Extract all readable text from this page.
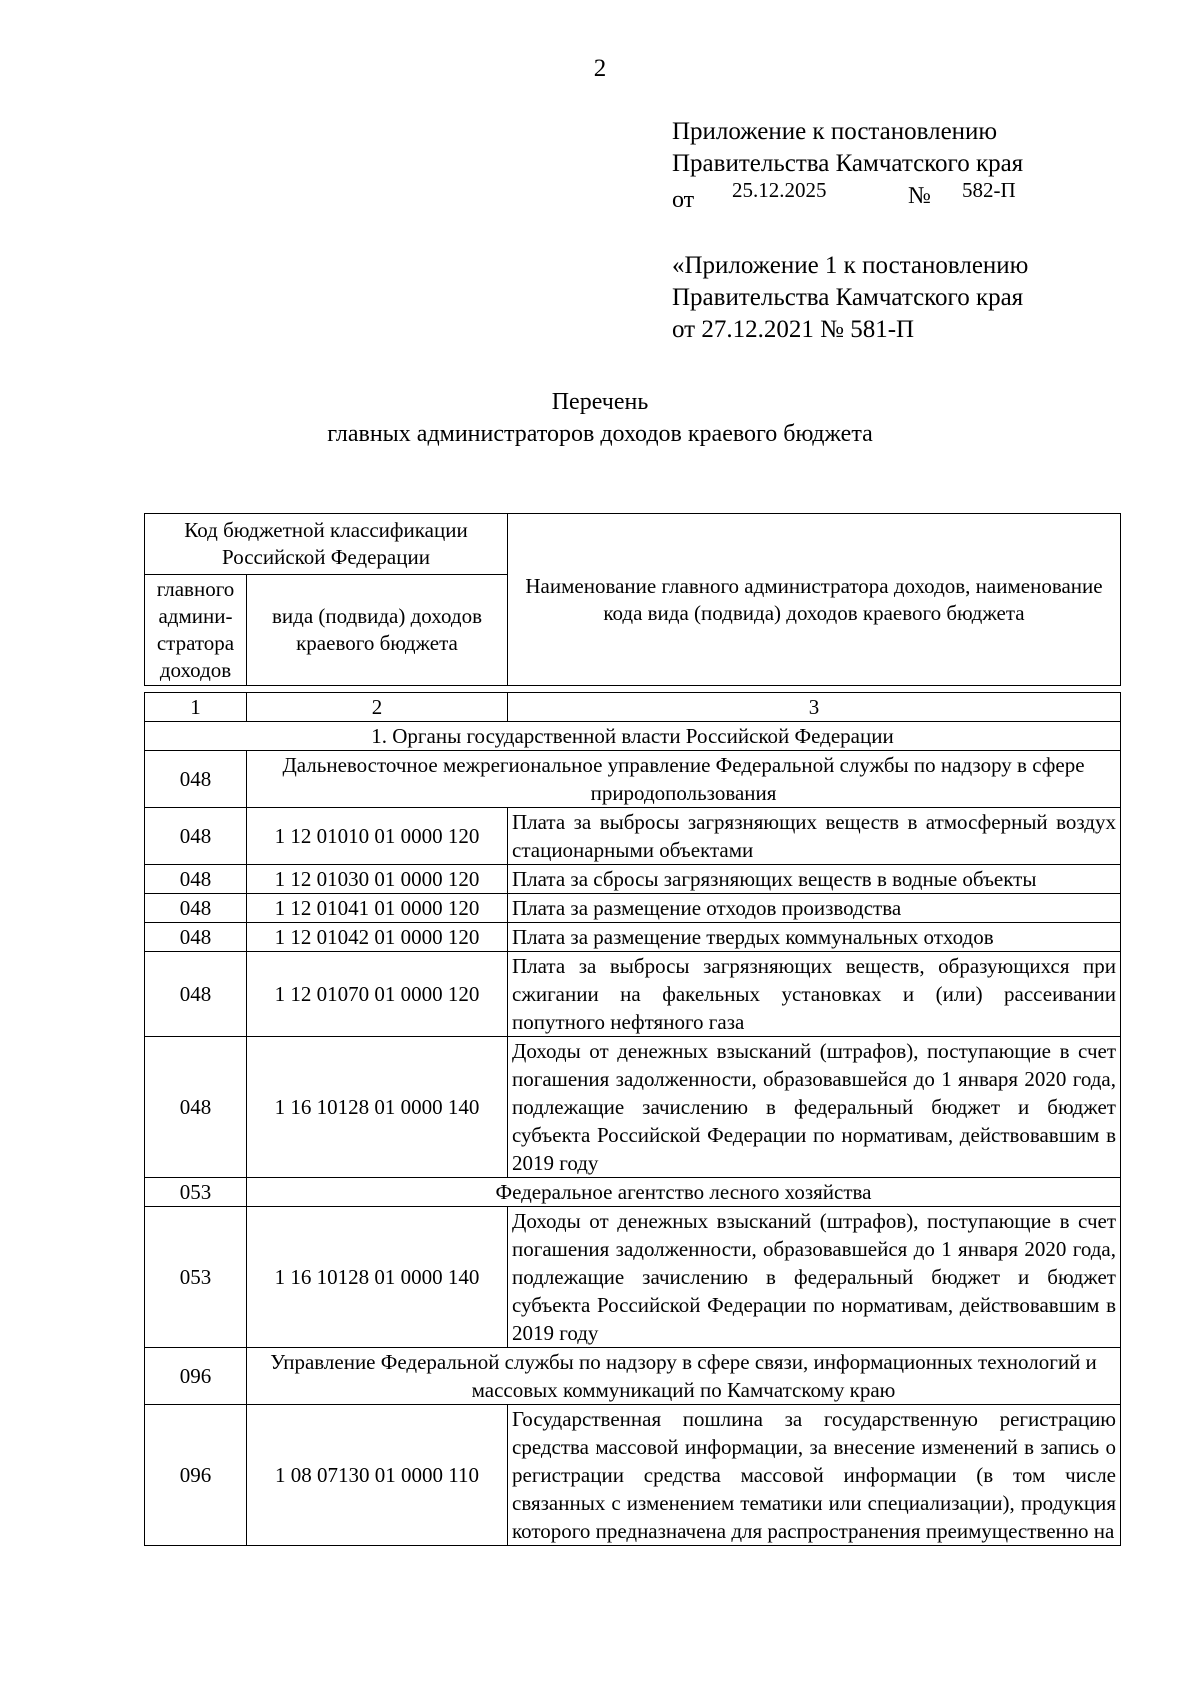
2
Приложение к постановлению
Правительства Камчатского края
от 25.12.2025	№ 582-П
«Приложение 1 к постановлению
Правительства Камчатского края
от 27.12.2021 № 581-П
Перечень
главных администраторов доходов краевого бюджета
Код бюджетной классификации Российской Федерации		Наименование главного администратора доходов, наименование кода вида (подвида) доходов краевого бюджета
главного админи-стратора доходов	вида (подвида) доходов краевого бюджета	
1	2	3
1. Органы государственной власти Российской Федерации		
048	Дальневосточное межрегиональное управление Федеральной службы по надзору в сфере природопользования	
048	1 12 01010 01 0000 120	Плата за выбросы загрязняющих веществ в атмосферный воздух стационарными объектами
048	1 12 01030 01 0000 120	Плата за сбросы загрязняющих веществ в водные объекты
048	1 12 01041 01 0000 120	Плата за размещение отходов производства
048	1 12 01042 01 0000 120	Плата за размещение твердых коммунальных отходов
048	1 12 01070 01 0000 120	Плата за выбросы загрязняющих веществ, образующихся при сжигании на факельных установках и (или) рассеивании попутного нефтяного газа
048	1 16 10128 01 0000 140	Доходы от денежных взысканий (штрафов), поступающие в счет погашения задолженности, образовавшейся до 1 января 2020 года, подлежащие зачислению в федеральный бюджет и бюджет субъекта Российской Федерации по нормативам, действовавшим в 2019 году
053	Федеральное агентство лесного хозяйства	
053	1 16 10128 01 0000 140	Доходы от денежных взысканий (штрафов), поступающие в счет погашения задолженности, образовавшейся до 1 января 2020 года, подлежащие зачислению в федеральный бюджет и бюджет субъекта Российской Федерации по нормативам, действовавшим в 2019 году
096	Управление Федеральной службы по надзору в сфере связи, информационных технологий и массовых коммуникаций по Камчатскому краю	
096	1 08 07130 01 0000 110	Государственная пошлина за государственную регистрацию средства массовой информации, за внесение изменений в запись о регистрации средства массовой информации (в том числе связанных с изменением тематики или специализации), продукция которого предназначена для распространения преимущественно на
